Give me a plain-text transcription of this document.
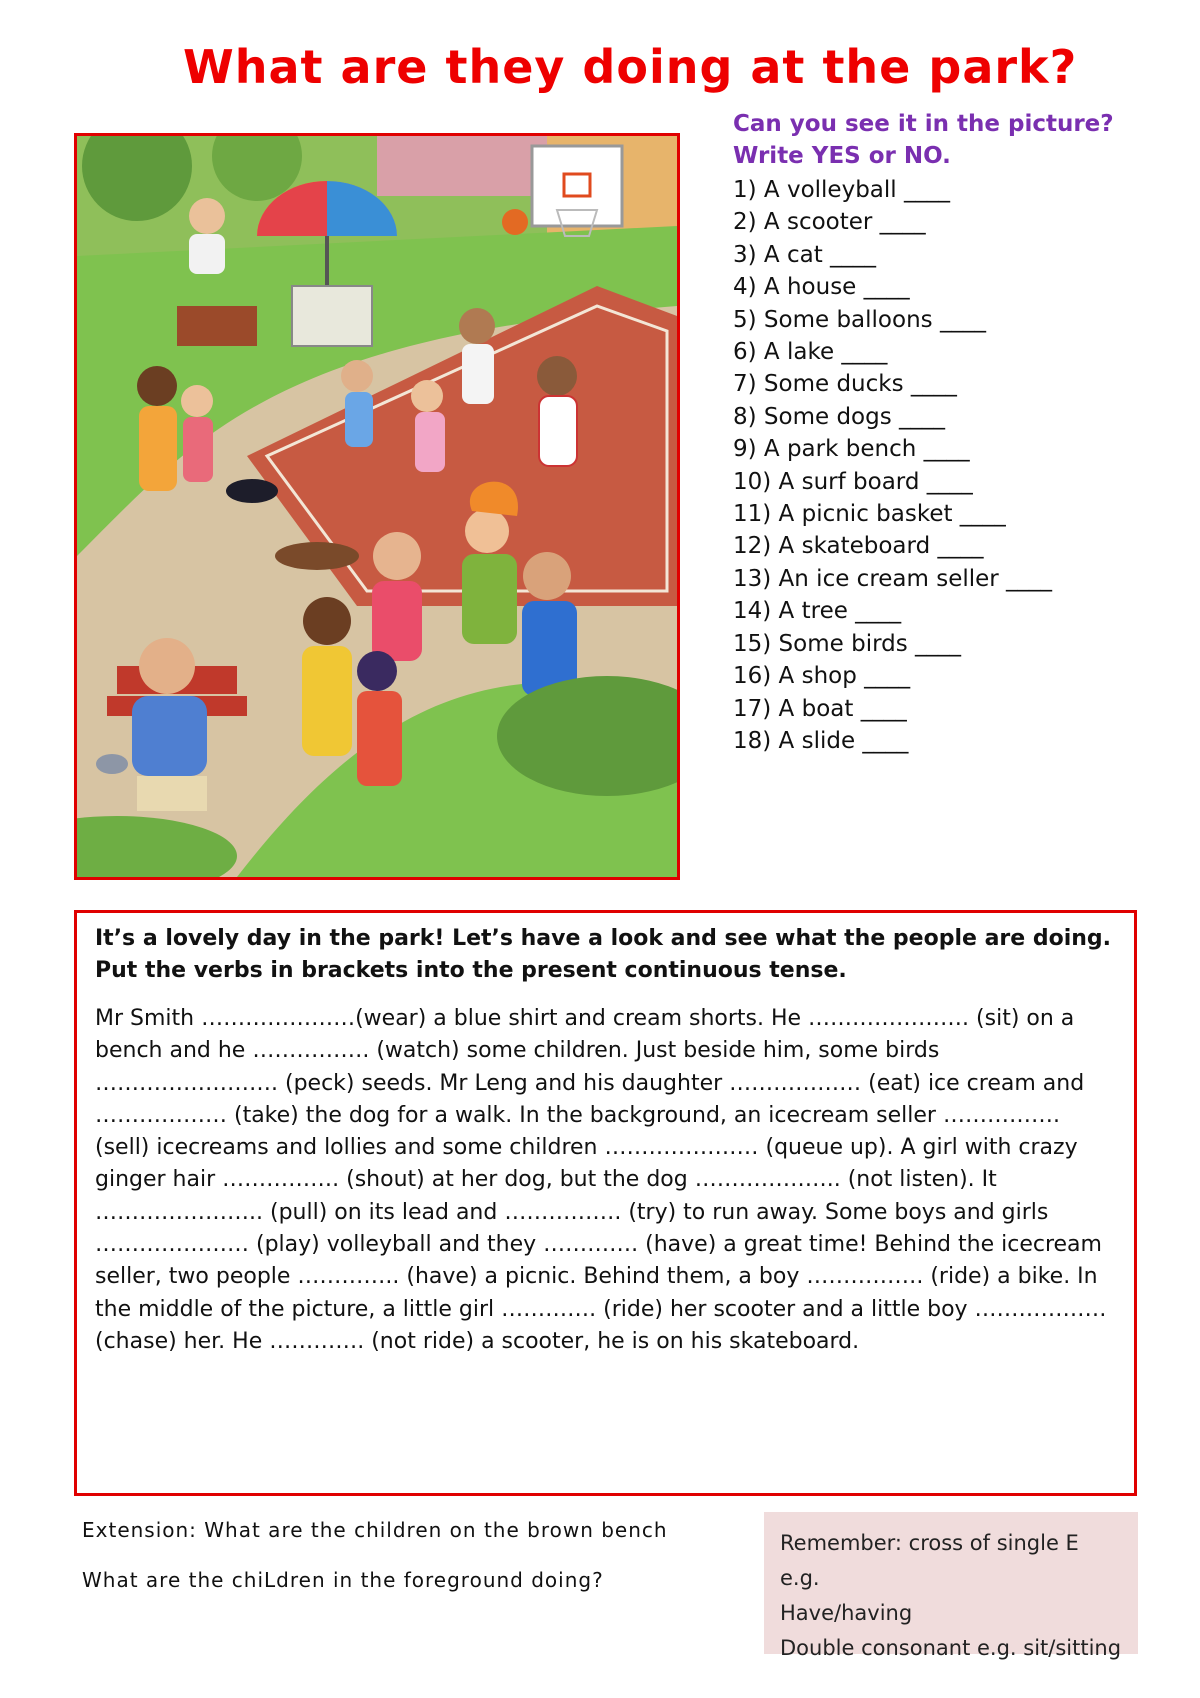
What are they doing at the park?

Can you see it in the picture? Write YES or NO.

1) A volleyball ____
2) A scooter ____
3) A cat ____
4) A house ____
5) Some balloons ____
6) A lake ____
7) Some ducks ____
8) Some dogs ____
9) A park bench ____
10) A surf board ____
11) A picnic basket ____
12) A skateboard ____
13) An ice cream seller ____
14) A tree ____
15) Some birds ____
16) A shop ____
17) A boat ____
18) A slide ____

It’s a lovely day in the park! Let’s have a look and see what the people are doing. Put the verbs in brackets into the present continuous tense.

Mr Smith …………………(wear) a blue shirt and cream shorts. He …………………. (sit) on a bench and he ……………. (watch) some children. Just beside him, some birds ……………………. (peck) seeds. Mr Leng and his daughter ……………… (eat) ice cream and ……………… (take) the dog for a walk. In the background, an icecream seller ……………. (sell) icecreams and lollies and some children ………………… (queue up). A girl with crazy ginger hair ……………. (shout) at her dog, but the dog ……………….. (not listen). It ………………….. (pull) on its lead and ……………. (try) to run away. Some boys and girls ………………… (play) volleyball and they …………. (have) a great time! Behind the icecream seller, two people ………….. (have) a picnic. Behind them, a boy ……………. (ride) a bike. In the middle of the picture, a little girl …………. (ride) her scooter and a little boy ……………… (chase) her. He …………. (not ride) a scooter, he is on his skateboard.

Extension: What are the children on the brown bench

What are the chiLdren in the foreground doing?

Remember: cross of single E e.g.

Have/having

Double consonant e.g. sit/sitting
